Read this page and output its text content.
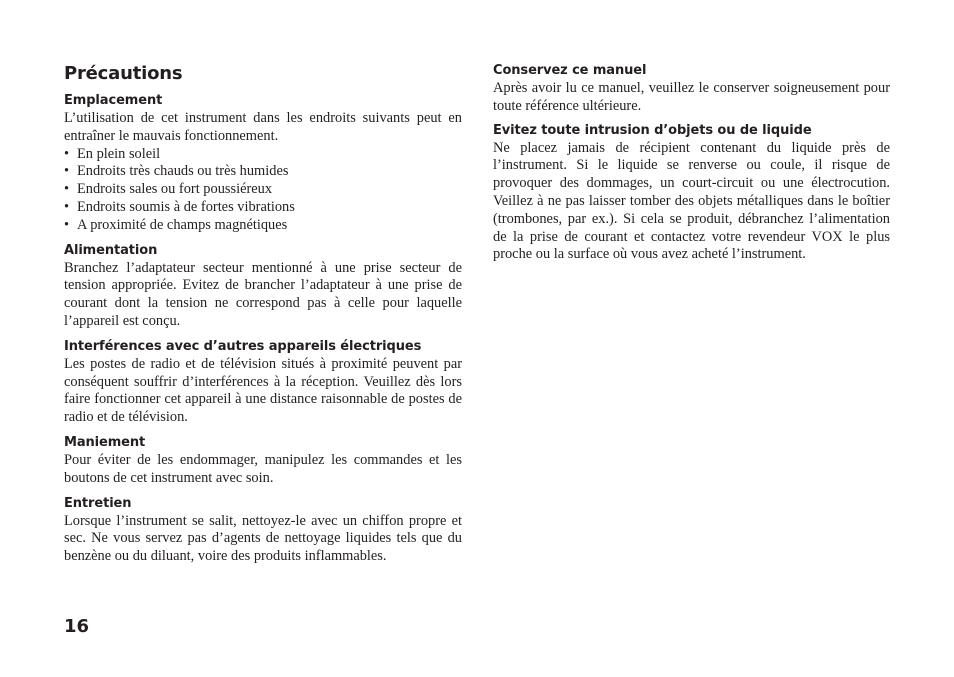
Précautions
Emplacement

L’utilisation de cet instrument dans les endroits suivants peut en entraîner le mauvais fonctionnement.

• En plein soleil
• Endroits très chauds ou très humides
• Endroits sales ou fort poussiéreux
• Endroits soumis à de fortes vibrations
• A proximité de champs magnétiques
Alimentation

Branchez l’adaptateur secteur mentionné à une prise secteur de tension appropriée. Evitez de brancher l’adaptateur à une prise de courant dont la tension ne correspond pas à celle pour laquelle l’appareil est conçu.

Interférences avec d’autres appareils électriques

Les postes de radio et de télévision situés à proximité peuvent par conséquent souffrir d’interférences à la réception. Veuillez dès lors faire fonctionner cet appareil à une distance raisonnable de postes de radio et de télévision.

Maniement

Pour éviter de les endommager, manipulez les commandes et les boutons de cet instrument avec soin.

Entretien

Lorsque l’instrument se salit, nettoyez-le avec un chiffon propre et sec. Ne vous servez pas d’agents de nettoyage liquides tels que du benzène ou du diluant, voire des produits inflammables.

Conservez ce manuel

Après avoir lu ce manuel, veuillez le conserver soigneusement pour toute référence ultérieure.

Evitez toute intrusion d’objets ou de liquide

Ne placez jamais de récipient contenant du liquide près de l’instrument. Si le liquide se renverse ou coule, il risque de provoquer des dommages, un court-circuit ou une électrocution. Veillez à ne pas laisser tomber des objets métalliques dans le boîtier (trombones, par ex.). Si cela se produit, débranchez l’alimentation de la prise de courant et contactez votre revendeur VOX le plus proche ou la surface où vous avez acheté l’instrument.

16
